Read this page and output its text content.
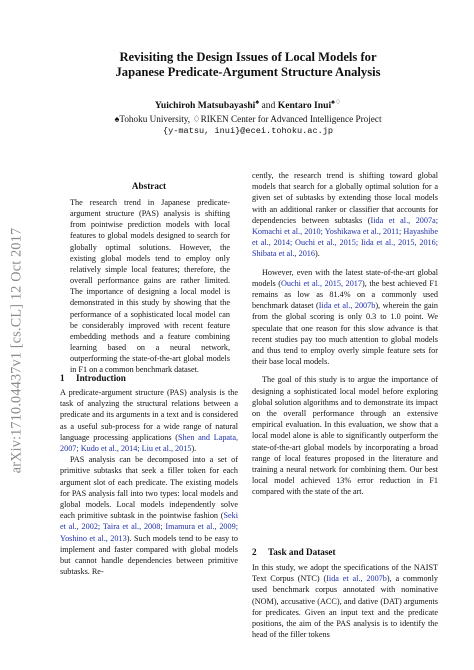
arXiv:1710.04437v1 [cs.CL] 12 Oct 2017
Revisiting the Design Issues of Local Models for
Japanese Predicate-Argument Structure Analysis
Yuichiroh Matsubayashi♠ and Kentaro Inui♠♢
♠Tohoku University, ♢RIKEN Center for Advanced Intelligence Project
{y-matsu, inui}@ecei.tohoku.ac.jp
Abstract
The research trend in Japanese predicate-argument structure (PAS) analysis is shifting from pointwise prediction models with local features to global models designed to search for globally optimal solutions. However, the existing global models tend to employ only relatively simple local features; therefore, the overall performance gains are rather limited. The importance of designing a local model is demonstrated in this study by showing that the performance of a sophisticated local model can be considerably improved with recent feature embedding methods and a feature combining learning based on a neural network, outperforming the state-of-the-art global models in F1 on a common benchmark dataset.
1 Introduction

A predicate-argument structure (PAS) analysis is the task of analyzing the structural relations between a predicate and its arguments in a text and is considered as a useful sub-process for a wide range of natural language processing applications (Shen and Lapata, 2007; Kudo et al., 2014; Liu et al., 2015).

PAS analysis can be decomposed into a set of primitive subtasks that seek a filler token for each argument slot of each predicate. The existing models for PAS analysis fall into two types: local models and global models. Local models independently solve each primitive subtask in the pointwise fashion (Seki et al., 2002; Taira et al., 2008; Imamura et al., 2009; Yoshino et al., 2013). Such models tend to be easy to implement and faster compared with global models but cannot handle dependencies between primitive subtasks. Re-

cently, the research trend is shifting toward global models that search for a globally optimal solution for a given set of subtasks by extending those local models with an additional ranker or classifier that accounts for dependencies between subtasks (Iida et al., 2007a; Komachi et al., 2010; Yoshikawa et al., 2011; Hayashibe et al., 2014; Ouchi et al., 2015; Iida et al., 2015, 2016; Shibata et al., 2016).

However, even with the latest state-of-the-art global models (Ouchi et al., 2015, 2017), the best achieved F1 remains as low as 81.4% on a commonly used benchmark dataset (Iida et al., 2007b), wherein the gain from the global scoring is only 0.3 to 1.0 point. We speculate that one reason for this slow advance is that recent studies pay too much attention to global models and thus tend to employ overly simple feature sets for their base local models.

The goal of this study is to argue the importance of designing a sophisticated local model before exploring global solution algorithms and to demonstrate its impact on the overall performance through an extensive empirical evaluation. In this evaluation, we show that a local model alone is able to significantly outperform the state-of-the-art global models by incorporating a broad range of local features proposed in the literature and training a neural network for combining them. Our best local model achieved 13% error reduction in F1 compared with the state of the art.

2 Task and Dataset

In this study, we adopt the specifications of the NAIST Text Corpus (NTC) (Iida et al., 2007b), a commonly used benchmark corpus annotated with nominative (NOM), accusative (ACC), and dative (DAT) arguments for predicates. Given an input text and the predicate positions, the aim of the PAS analysis is to identify the head of the filler tokens
